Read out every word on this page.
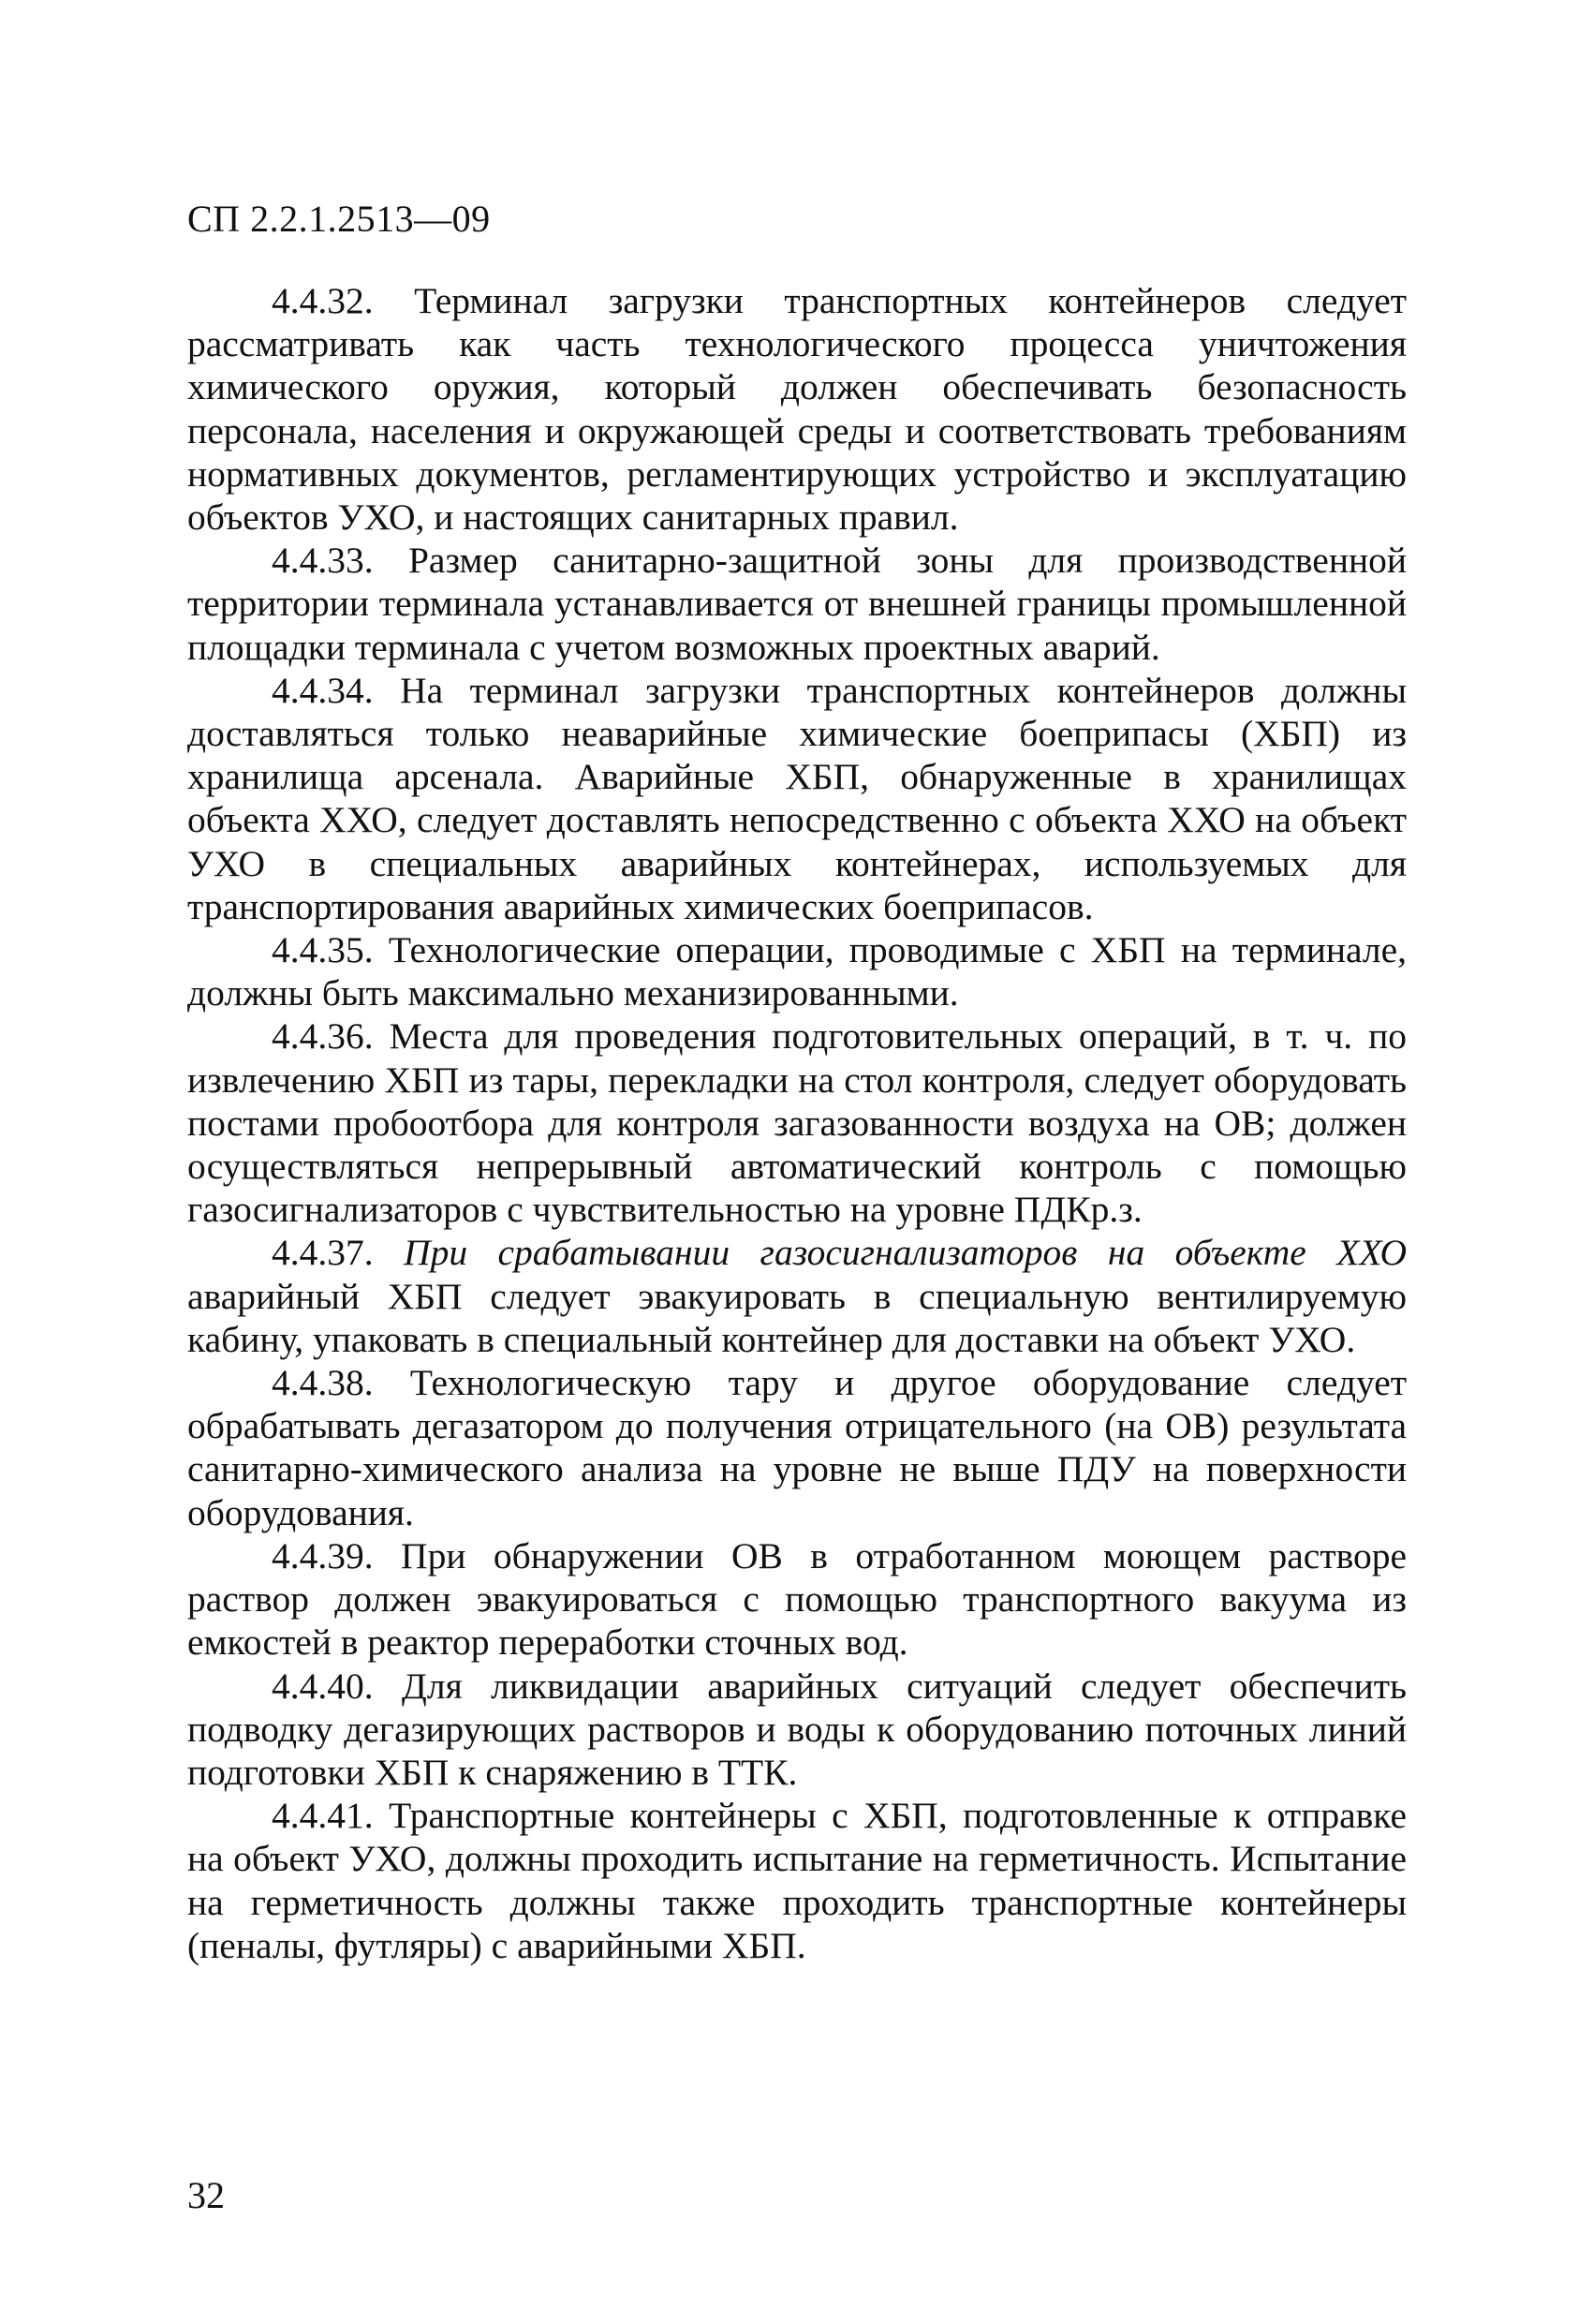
СП 2.2.1.2513—09

4.4.32. Терминал загрузки транспортных контейнеров следует рассматривать как часть технологического процесса уничтожения химического оружия, который должен обеспечивать безопасность персонала, населения и окружающей среды и соответствовать требованиям нормативных документов, регламентирующих устройство и эксплуатацию объектов УХО, и настоящих санитарных правил.

4.4.33. Размер санитарно-защитной зоны для производственной территории терминала устанавливается от внешней границы промышленной площадки терминала с учетом возможных проектных аварий.

4.4.34. На терминал загрузки транспортных контейнеров должны доставляться только неаварийные химические боеприпасы (ХБП) из хранилища арсенала. Аварийные ХБП, обнаруженные в хранилищах объекта ХХО, следует доставлять непосредственно с объекта ХХО на объект УХО в специальных аварийных контейнерах, используемых для транспортирования аварийных химических боеприпасов.

4.4.35. Технологические операции, проводимые с ХБП на терминале, должны быть максимально механизированными.

4.4.36. Места для проведения подготовительных операций, в т. ч. по извлечению ХБП из тары, перекладки на стол контроля, следует оборудовать постами пробоотбора для контроля загазованности воздуха на ОВ; должен осуществляться непрерывный автоматический контроль с помощью газосигнализаторов с чувствительностью на уровне ПДКр.з.

4.4.37. При срабатывании газосигнализаторов на объекте ХХО аварийный ХБП следует эвакуировать в специальную вентилируемую кабину, упаковать в специальный контейнер для доставки на объект УХО.

4.4.38. Технологическую тару и другое оборудование следует обрабатывать дегазатором до получения отрицательного (на ОВ) результата санитарно-химического анализа на уровне не выше ПДУ на поверхности оборудования.

4.4.39. При обнаружении ОВ в отработанном моющем растворе раствор должен эвакуироваться с помощью транспортного вакуума из емкостей в реактор переработки сточных вод.

4.4.40. Для ликвидации аварийных ситуаций следует обеспечить подводку дегазирующих растворов и воды к оборудованию поточных линий подготовки ХБП к снаряжению в ТТК.

4.4.41. Транспортные контейнеры с ХБП, подготовленные к отправке на объект УХО, должны проходить испытание на герметичность. Испытание на герметичность должны также проходить транспортные контейнеры (пеналы, футляры) с аварийными ХБП.

32
